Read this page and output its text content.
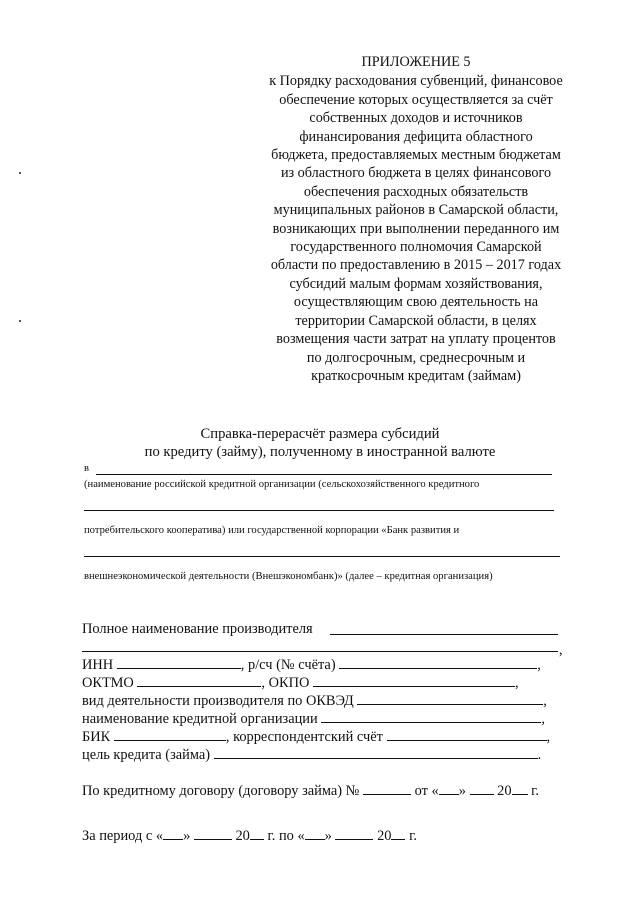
ПРИЛОЖЕНИЕ 5
к Порядку расходования субвенций, финансовое
обеспечение которых осуществляется за счёт
собственных доходов и источников
финансирования дефицита областного
бюджета, предоставляемых местным бюджетам
из областного бюджета в целях финансового
обеспечения расходных обязательств
муниципальных районов в Самарской области,
возникающих при выполнении переданного им
государственного полномочия Самарской
области по предоставлению в 2015 – 2017 годах
субсидий малым формам хозяйствования,
осуществляющим свою деятельность на
территории Самарской области, в целях
возмещения части затрат на уплату процентов
по долгосрочным, среднесрочным и
краткосрочным кредитам (займам)
Справка-перерасчёт размера субсидий
по кредиту (займу), полученному в иностранной валюте
в
(наименование российской кредитной организации (сельскохозяйственного кредитного
потребительского кооператива) или государственной корпорации «Банк развития и
внешнеэкономической деятельности (Внешэкономбанк)» (далее – кредитная организация)
Полное наименование производителя
,
ИНН	, р/сч (№ счёта)	,
ОКТМО	, ОКПО	,
вид деятельности производителя по ОКВЭД	,
наименование кредитной организации	,
БИК	, корреспондентский счёт	,
цель кредита (займа)	.
По кредитному договору (договору займа) №	от « » 20 г.
За период с « »	20 г. по « »	20 г.
